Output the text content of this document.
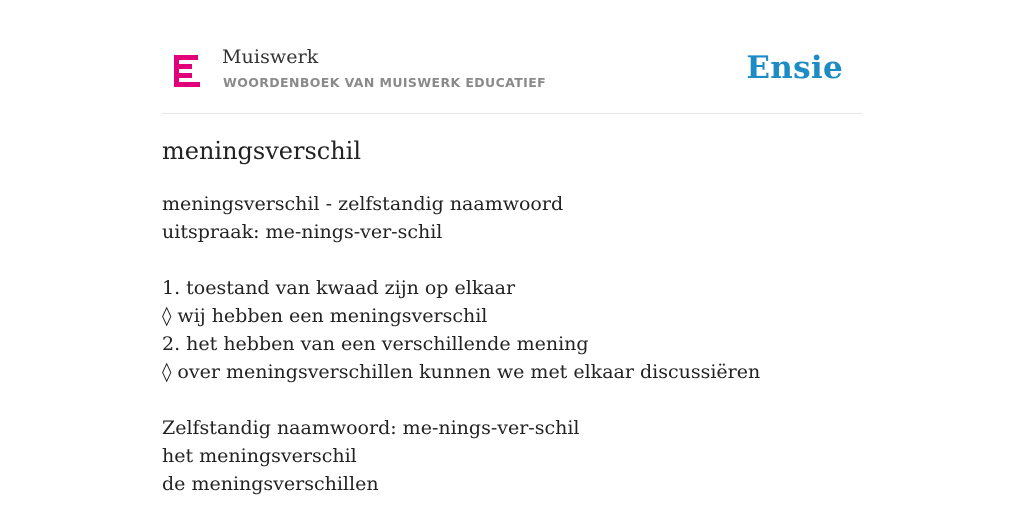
Muiswerk
WOORDENBOEK VAN MUISWERK EDUCATIEF	Ensie
meningsverschil
meningsverschil - zelfstandig naamwoord
uitspraak: me-nings-ver-schil
1. toestand van kwaad zijn op elkaar
◊ wij hebben een meningsverschil
2. het hebben van een verschillende mening
◊ over meningsverschillen kunnen we met elkaar discussiëren
Zelfstandig naamwoord: me-nings-ver-schil
het meningsverschil
de meningsverschillen
